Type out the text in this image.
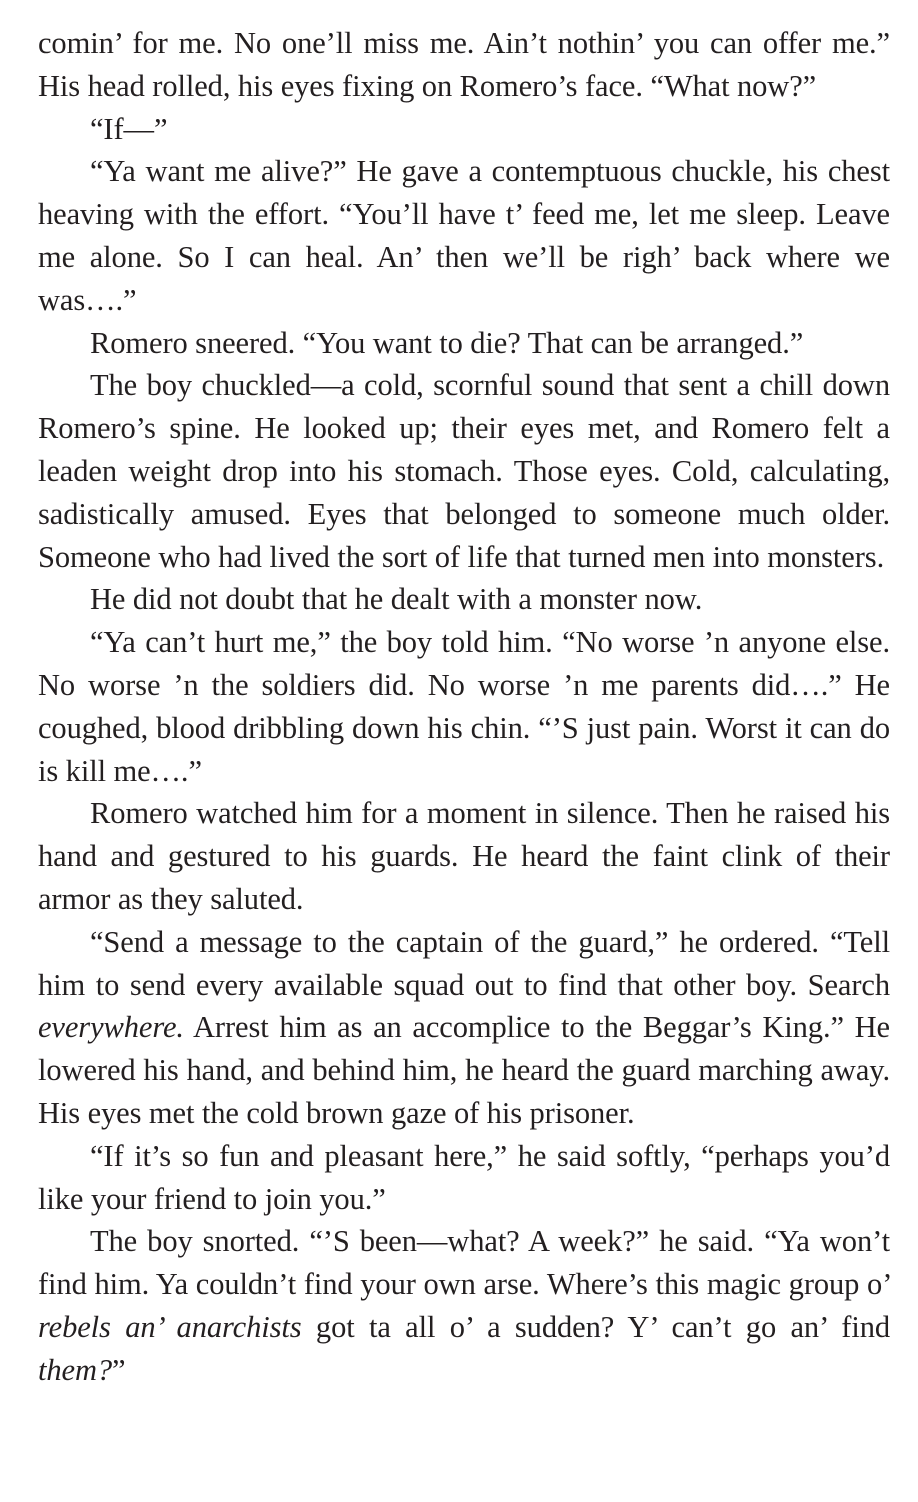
comin’ for me. No one’ll miss me. Ain’t nothin’ you can offer me.” His head rolled, his eyes fixing on Romero’s face. “What now?”

“If—”

“Ya want me alive?” He gave a contemptuous chuckle, his chest heaving with the effort. “You’ll have t’ feed me, let me sleep. Leave me alone. So I can heal. An’ then we’ll be righ’ back where we was….”

Romero sneered. “You want to die? That can be arranged.”

The boy chuckled—a cold, scornful sound that sent a chill down Romero’s spine. He looked up; their eyes met, and Romero felt a leaden weight drop into his stomach. Those eyes. Cold, calculating, sadistically amused. Eyes that belonged to someone much older. Someone who had lived the sort of life that turned men into monsters.

He did not doubt that he dealt with a monster now.

“Ya can’t hurt me,” the boy told him. “No worse ’n anyone else. No worse ’n the soldiers did. No worse ’n me parents did….” He coughed, blood dribbling down his chin. “’S just pain. Worst it can do is kill me….”

Romero watched him for a moment in silence. Then he raised his hand and gestured to his guards. He heard the faint clink of their armor as they saluted.

“Send a message to the captain of the guard,” he ordered. “Tell him to send every available squad out to find that other boy. Search everywhere. Arrest him as an accomplice to the Beggar’s King.” He lowered his hand, and behind him, he heard the guard marching away. His eyes met the cold brown gaze of his prisoner.

“If it’s so fun and pleasant here,” he said softly, “perhaps you’d like your friend to join you.”

The boy snorted. “’S been—what? A week?” he said. “Ya won’t find him. Ya couldn’t find your own arse. Where’s this magic group o’ rebels an’ anarchists got ta all o’ a sudden? Y’ can’t go an’ find them?”
